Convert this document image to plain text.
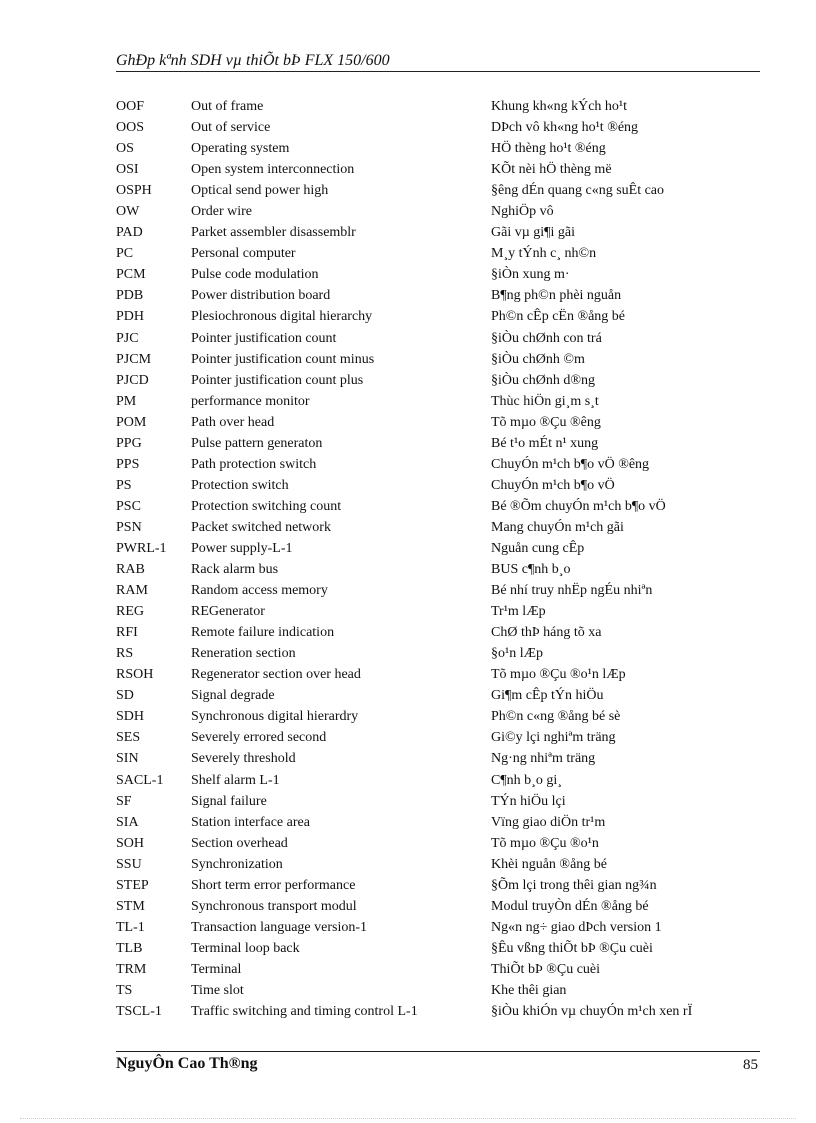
GhĐp kªnh SDH vµ thiÕt bÞ FLX 150/600
OOF	Out of frame	Khung kh«ng kÝch ho¹t
OOS	Out of service	DÞch vô kh«ng ho¹t ®éng
OS	Operating system	HÖ thèng ho¹t ®éng
OSI	Open system interconnection	KÕt nèi hÖ thèng më
OSPH	Optical send power high	§êng dÉn quang c«ng suÊt cao
OW	Order wire	NghiÖp vô
PAD	Parket assembler disassemblr	Gãi vµ gi¶i gãi
PC	Personal computer	M¸y tÝnh c¸ nh©n
PCM	Pulse code modulation	§iÒn xung m·
PDB	Power distribution board	B¶ng ph©n phèi nguån
PDH	Plesiochronous digital hierarchy	Ph©n cÊp cËn ®ång bé
PJC	Pointer justification count	§iÒu chØnh con trá
PJCM	Pointer justification count minus	§iÒu chØnh ©m
PJCD	Pointer justification count plus	§iÒu chØnh d®ng
PM	performance monitor	Thùc hiÖn gi¸m s¸t
POM	Path over head	Tõ mµo ®Çu ®êng
PPG	Pulse pattern generaton	Bé t¹o mÉt n¹ xung
PPS	Path protection switch	ChuyÓn m¹ch b¶o vÖ ®êng
PS	Protection switch	ChuyÓn m¹ch b¶o vÖ
PSC	Protection switching count	Bé ®Õm chuyÓn m¹ch b¶o vÖ
PSN	Packet switched network	Mang chuyÓn m¹ch gãi
PWRL-1	Power supply-L-1	Nguån cung cÊp
RAB	Rack alarm bus	BUS c¶nh b¸o
RAM	Random access memory	Bé nhí truy nhËp ngÉu nhiªn
REG	REGenerator	Tr¹m lÆp
RFI	Remote failure indication	ChØ thÞ háng tõ xa
RS	Reneration section	§o¹n lÆp
RSOH	Regenerator section over head	Tõ mµo ®Çu ®o¹n lÆp
SD	Signal degrade	Gi¶m cÊp tÝn hiÖu
SDH	Synchronous digital hierardry	Ph©n c«ng ®ång bé sè
SES	Severely errored second	Gi©y lçi nghiªm träng
SIN	Severely threshold	Ng·ng nhiªm träng
SACL-1	Shelf alarm L-1	C¶nh b¸o gi¸
SF	Signal failure	TÝn hiÖu lçi
SIA	Station interface area	Vïng giao diÖn tr¹m
SOH	Section overhead	Tõ mµo ®Çu ®o¹n
SSU	Synchronization	Khèi nguån ®ång bé
STEP	Short term error performance	§Õm lçi trong thêi gian ng¾n
STM	Synchronous transport modul	Modul truyÒn dÉn ®ång bé
TL-1	Transaction language version-1	Ng«n ng÷ giao dÞch version 1
TLB	Terminal loop back	§Êu vßng thiÕt bÞ ®Çu cuèi
TRM	Terminal	ThiÕt bÞ ®Çu cuèi
TS	Time slot	Khe thêi gian
TSCL-1	Traffic switching and timing control L-1	§iÒu khiÓn vµ chuyÓn m¹ch xen rÏ
NguyÔn Cao Th®ng	85
